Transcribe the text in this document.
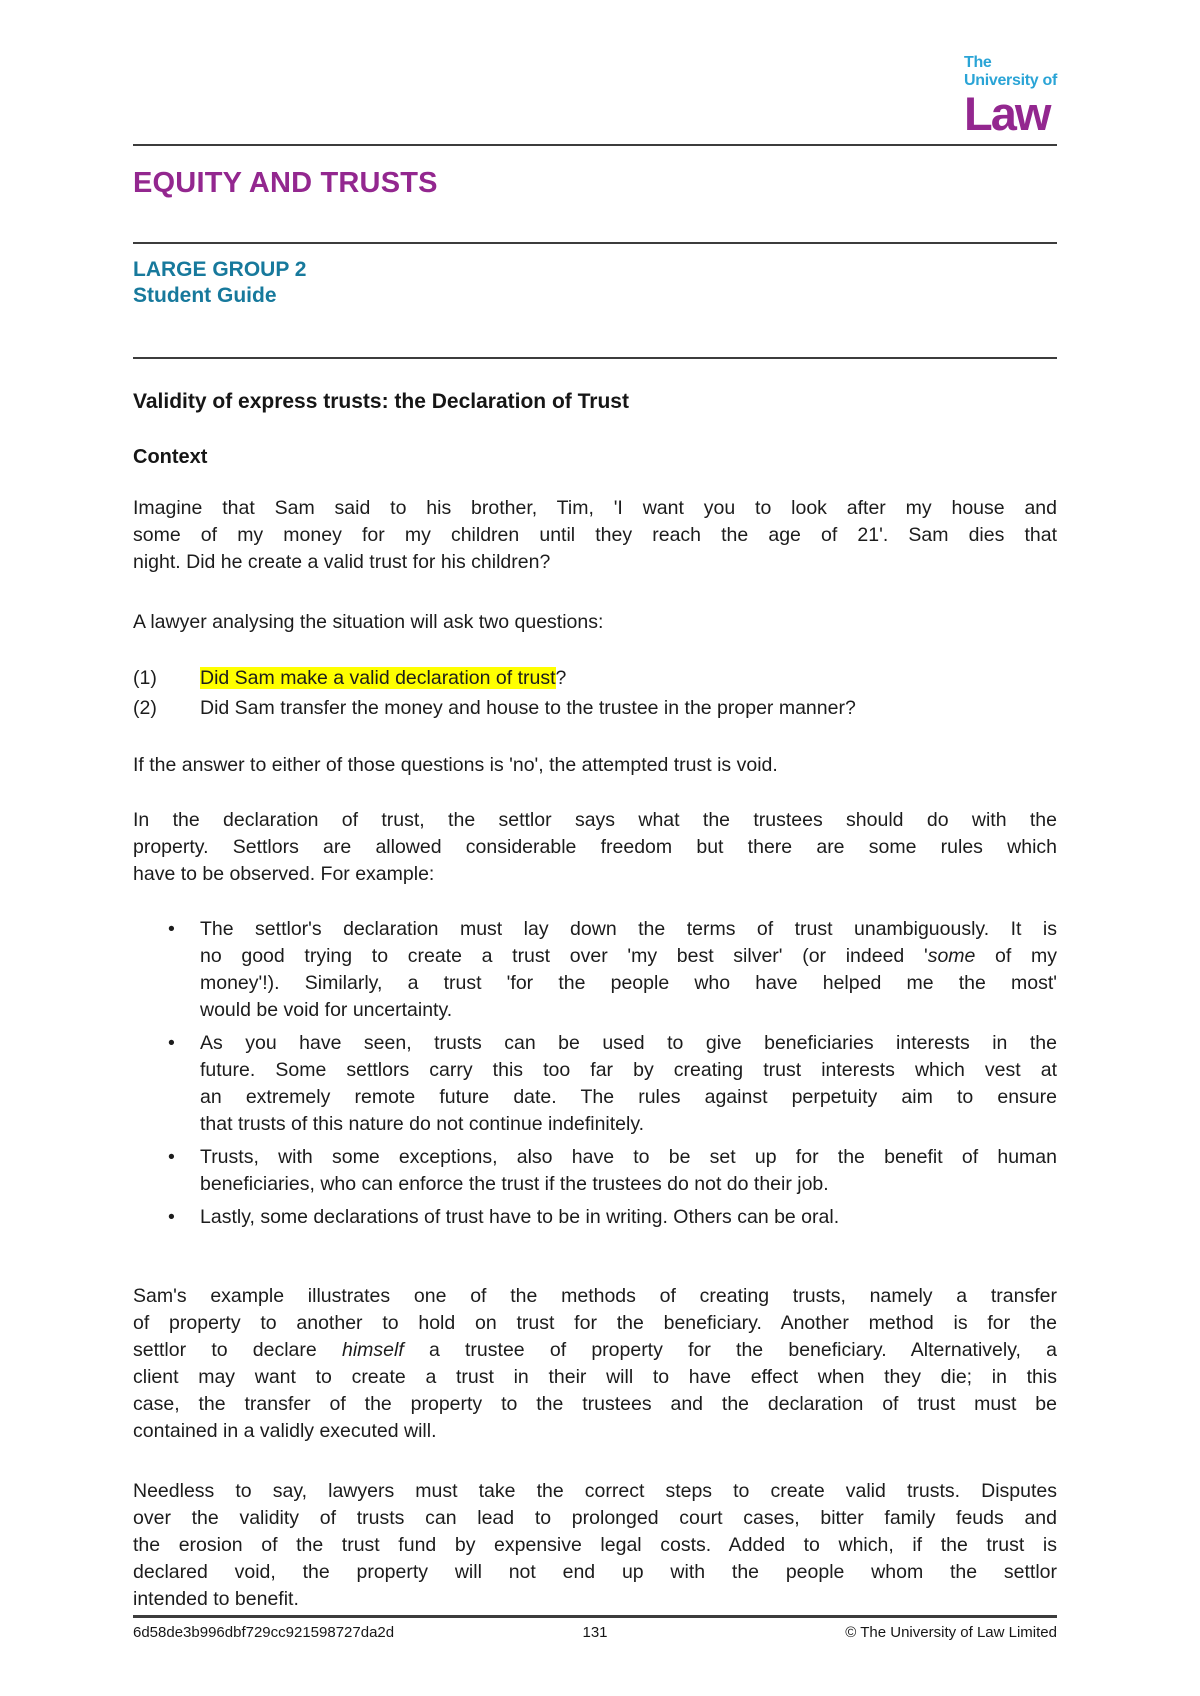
The
University of
Law
EQUITY AND TRUSTS
LARGE GROUP 2
Student Guide
Validity of express trusts: the Declaration of Trust
Context
Imagine that Sam said to his brother, Tim, 'I want you to look after my house and
some of my money for my children until they reach the age of 21'. Sam dies that
night. Did he create a valid trust for his children?
A lawyer analysing the situation will ask two questions:
(1)	Did Sam make a valid declaration of trust?
(2)	Did Sam transfer the money and house to the trustee in the proper manner?
If the answer to either of those questions is 'no', the attempted trust is void.
In the declaration of trust, the settlor says what the trustees should do with the
property. Settlors are allowed considerable freedom but there are some rules which
have to be observed. For example:
•	The settlor's declaration must lay down the terms of trust unambiguously. It is
no good trying to create a trust over 'my best silver' (or indeed 'some of my
money'!). Similarly, a trust 'for the people who have helped me the most'
would be void for uncertainty.
•	As you have seen, trusts can be used to give beneficiaries interests in the
future. Some settlors carry this too far by creating trust interests which vest at
an extremely remote future date. The rules against perpetuity aim to ensure
that trusts of this nature do not continue indefinitely.
•	Trusts, with some exceptions, also have to be set up for the benefit of human
beneficiaries, who can enforce the trust if the trustees do not do their job.
•	Lastly, some declarations of trust have to be in writing. Others can be oral.
Sam's example illustrates one of the methods of creating trusts, namely a transfer
of property to another to hold on trust for the beneficiary. Another method is for the
settlor to declare himself a trustee of property for the beneficiary. Alternatively, a
client may want to create a trust in their will to have effect when they die; in this
case, the transfer of the property to the trustees and the declaration of trust must be
contained in a validly executed will.
Needless to say, lawyers must take the correct steps to create valid trusts. Disputes
over the validity of trusts can lead to prolonged court cases, bitter family feuds and
the erosion of the trust fund by expensive legal costs. Added to which, if the trust is
declared void, the property will not end up with the people whom the settlor
intended to benefit.
6d58de3b996dbf729cc921598727da2d	131	© The University of Law Limited
